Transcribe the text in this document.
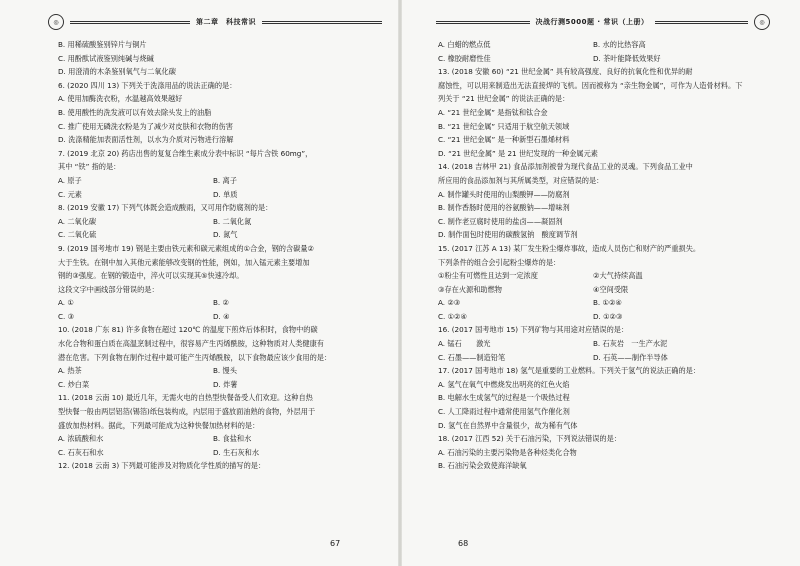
◎	第二章　科技常识
B. 用稀硫酸鉴别锌片与铜片
C. 用酚酞试液鉴别纯碱与烧碱
D. 用澄清的木条鉴别氧气与二氧化碳
6. (2020 四川 13) 下列关于洗涤用品的说法正确的是：
A. 使用加酶洗衣粉，水温越高效果越好
B. 使用酸性的洗发液可以有效去除头发上的油脂
C. 推广使用无磷洗衣粉是为了减少对皮肤和衣物的伤害
D. 洗涤精能加表面活性剂，以水为介质对污物进行溶解
7. (2019 北京 20) 药店出售的复复合维生素成分表中标识 “每片含铁 60mg”，
其中 “铁” 指的是：
A. 原子	B. 离子
C. 元素	D. 单质
8. (2019 安徽 17) 下列气体既会造成酸雨，又可用作防腐剂的是：
A. 二氧化碳	B. 二氧化氮
C. 二氧化硫	D. 氮气
9. (2019 国考地市 19) 钢是主要由铁元素和碳元素组成的①合金，钢的含碳量②
大于生铁。在钢中加入其他元素能够改变钢的性能，例如，加入锰元素主要增加
钢的③强度。在钢的锻造中，淬火可以实现其⑤快速冷却。
这段文字中画线部分错误的是：
A. ①	B. ②
C. ③	D. ④
10. (2018 广东 81) 许多食物在超过 120℃ 的温度下煎炸后体积时，食物中的碳
水化合物和蛋白质在高温烹制过程中，很容易产生丙烯酰胺，这种物质对人类健康有
潜在危害。下列食物在制作过程中最可能产生丙烯酰胺，以下食物最应该少食用的是：
A. 热茶	B. 馒头
C. 炒白菜	D. 炸薯
11. (2018 云南 10) 最近几年，无需火电的自热型快餐备受人们欢迎。这种自热
型快餐一般由两层铝箔(锡箔)纸包装构成，内层用于盛放面油熟的食物，外层用于
盛放加热材料。据此，下列最可能成为这种快餐加热材料的是：
A. 浓硫酸和水	B. 食盐和水
C. 石灰石和水	D. 生石灰和水
12. (2018 云南 3) 下列最可能涉及对物质化学性质的描写的是：
67
决战行测5000题 · 常识（上册）	◎
A. 白蜡的燃点低	B. 水的比热容高
C. 橡胶耐磨性佳	D. 茶叶能降低效果好
13. (2018 安徽 60) “21 世纪金属” 具有较高强度、良好的抗氧化性和优异的耐
腐蚀性，可以用来制造出无法直接焊的飞机。因而被称为 “亲生物金属”，可作为人造骨材料。下
列关于 “21 世纪金属” 的说法正确的是：
A. “21 世纪金属” 是指钛和钛合金
B. “21 世纪金属” 只适用于航空航天领域
C. “21 世纪金属” 是一种新型石墨烯材料
D. “21 世纪金属” 是 21 世纪发现的一种金属元素
14. (2018 吉林甲 21) 食品添加剂被誉为现代食品工业的灵魂。下列食品工业中
所应用的食品添加剂与其所属类型，对应错误的是：
A. 制作罐头时使用的山梨酸钾——防腐剂
B. 制作香肠时使用的谷氨酸钠——增味剂
C. 制作老豆腐时使用的盐卤——凝固剂
D. 制作面包时使用的碳酸氢钠　酸度调节剂
15. (2017 江苏 A 13) 某厂发生粉尘爆炸事故，造成人员伤亡和财产的严重损失。
下列条件的组合会引起粉尘爆炸的是：
①粉尘有可燃性且达到一定浓度	②大气持续高温
③存在火源和助燃物	④空间受限
A. ②③	B. ①②④
C. ①②④	D. ①②③
16. (2017 国考地市 15) 下列矿物与其用途对应错误的是：
A. 锰石　　激光	B. 石灰岩　一生产水泥
C. 石墨——制造铅笔	D. 石英——制作半导体
17. (2017 国考地市 18) 氢气是重要的工业燃料。下列关于氢气的说法正确的是：
A. 氢气在氧气中燃烧发出明亮的红色火焰
B. 电解水生成氢气的过程是一个吸热过程
C. 人工降雨过程中通常使用氢气作催化剂
D. 氢气在自然界中含量很少，故为稀有气体
18. (2017 江西 52) 关于石油污染，下列说法错误的是：
A. 石油污染的主要污染物是各种烃类化合物
B. 石油污染会致使海洋缺氧
68
